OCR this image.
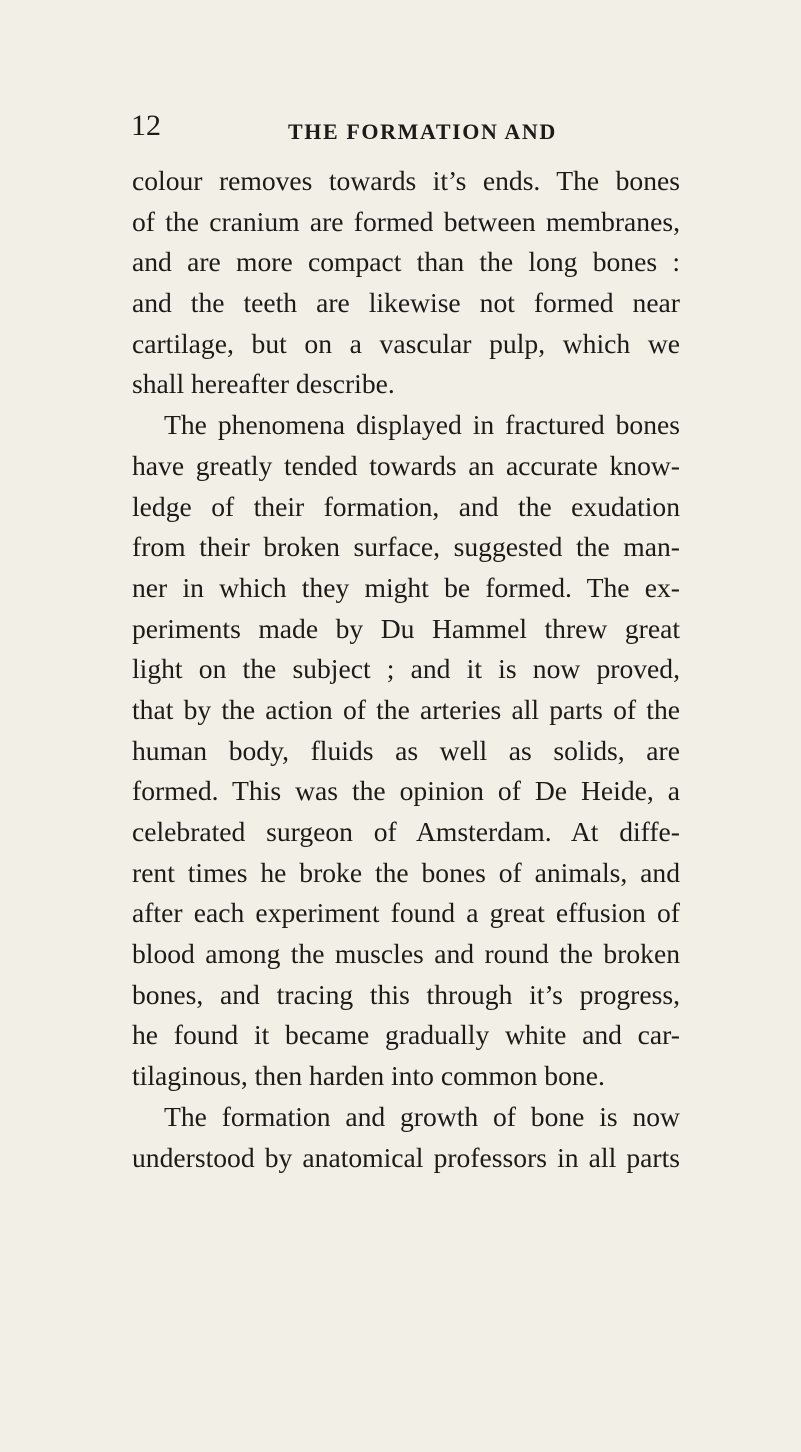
12	THE FORMATION AND
colour removes towards it’s ends. The bones
of the cranium are formed between membranes,
and are more compact than the long bones :
and the teeth are likewise not formed near
cartilage, but on a vascular pulp, which we
shall hereafter describe.
The phenomena displayed in fractured bones
have greatly tended towards an accurate know-
ledge of their formation, and the exudation
from their broken surface, suggested the man-
ner in which they might be formed. The ex-
periments made by Du Hammel threw great
light on the subject ; and it is now proved,
that by the action of the arteries all parts of the
human body, fluids as well as solids, are
formed. This was the opinion of De Heide, a
celebrated surgeon of Amsterdam. At diffe-
rent times he broke the bones of animals, and
after each experiment found a great effusion of
blood among the muscles and round the broken
bones, and tracing this through it’s progress,
he found it became gradually white and car-
tilaginous, then harden into common bone.
The formation and growth of bone is now
understood by anatomical professors in all parts
